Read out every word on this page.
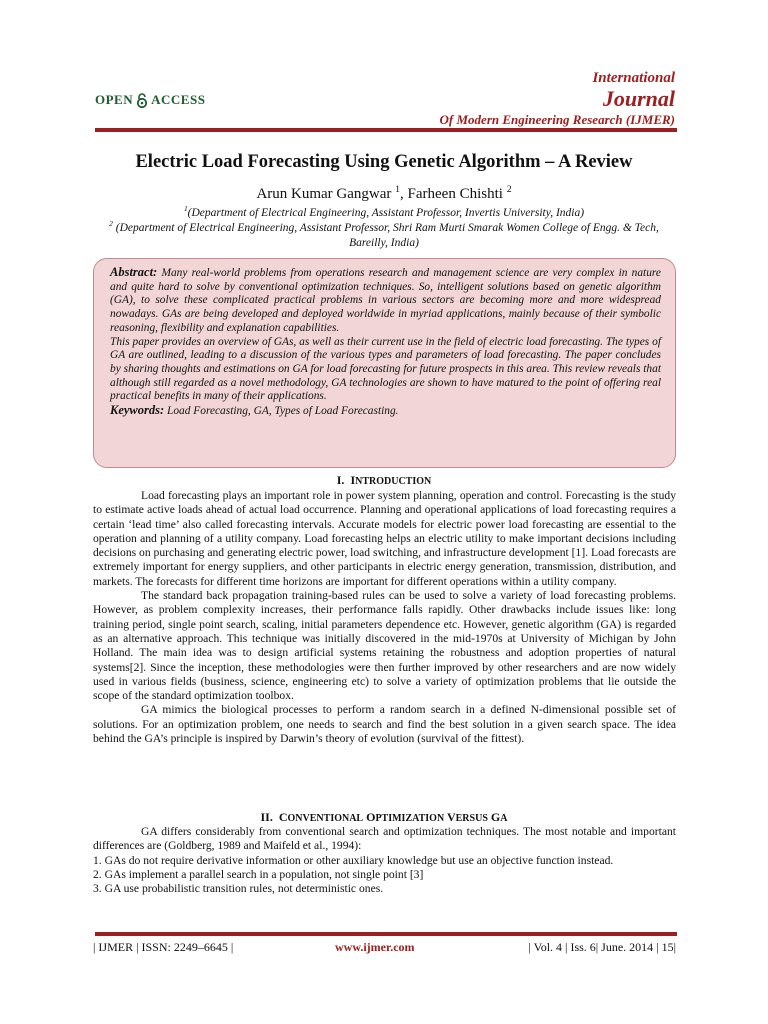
OPEN ACCESS
International
Journal
Of Modern Engineering Research (IJMER)
Electric Load Forecasting Using Genetic Algorithm – A Review
Arun Kumar Gangwar $^1$, Farheen Chishti $^2$
$^1$(Department of Electrical Engineering, Assistant Professor, Invertis University, India)
$^2$ (Department of Electrical Engineering, Assistant Professor, Shri Ram Murti Smarak Women College of Engg. & Tech, Bareilly, India)

Abstract: Many real-world problems from operations research and management science are very complex in nature and quite hard to solve by conventional optimization techniques. So, intelligent solutions based on genetic algorithm (GA), to solve these complicated practical problems in various sectors are becoming more and more widespread nowadays. GAs are being developed and deployed worldwide in myriad applications, mainly because of their symbolic reasoning, flexibility and explanation capabilities.

This paper provides an overview of GAs, as well as their current use in the field of electric load forecasting. The types of GA are outlined, leading to a discussion of the various types and parameters of load forecasting. The paper concludes by sharing thoughts and estimations on GA for load forecasting for future prospects in this area. This review reveals that although still regarded as a novel methodology, GA technologies are shown to have matured to the point of offering real practical benefits in many of their applications.

Keywords: Load Forecasting, GA, Types of Load Forecasting.

I. INTRODUCTION

Load forecasting plays an important role in power system planning, operation and control. Forecasting is the study to estimate active loads ahead of actual load occurrence. Planning and operational applications of load forecasting requires a certain ‘lead time’ also called forecasting intervals. Accurate models for electric power load forecasting are essential to the operation and planning of a utility company. Load forecasting helps an electric utility to make important decisions including decisions on purchasing and generating electric power, load switching, and infrastructure development [1]. Load forecasts are extremely important for energy suppliers, and other participants in electric energy generation, transmission, distribution, and markets. The forecasts for different time horizons are important for different operations within a utility company.

The standard back propagation training-based rules can be used to solve a variety of load forecasting problems. However, as problem complexity increases, their performance falls rapidly. Other drawbacks include issues like: long training period, single point search, scaling, initial parameters dependence etc. However, genetic algorithm (GA) is regarded as an alternative approach. This technique was initially discovered in the mid-1970s at University of Michigan by John Holland. The main idea was to design artificial systems retaining the robustness and adoption properties of natural systems[2]. Since the inception, these methodologies were then further improved by other researchers and are now widely used in various fields (business, science, engineering etc) to solve a variety of optimization problems that lie outside the scope of the standard optimization toolbox.

GA mimics the biological processes to perform a random search in a defined N-dimensional possible set of solutions. For an optimization problem, one needs to search and find the best solution in a given search space. The idea behind the GA’s principle is inspired by Darwin’s theory of evolution (survival of the fittest).

II. CONVENTIONAL OPTIMIZATION VERSUS GA

GA differs considerably from conventional search and optimization techniques. The most notable and important differences are (Goldberg, 1989 and Maifeld et al., 1994):

1. GAs do not require derivative information or other auxiliary knowledge but use an objective function instead.

2. GAs implement a parallel search in a population, not single point [3]

3. GA use probabilistic transition rules, not deterministic ones.

| IJMER | ISSN: 2249–6645 |	www.ijmer.com	| Vol. 4 | Iss. 6| June. 2014 | 15|
